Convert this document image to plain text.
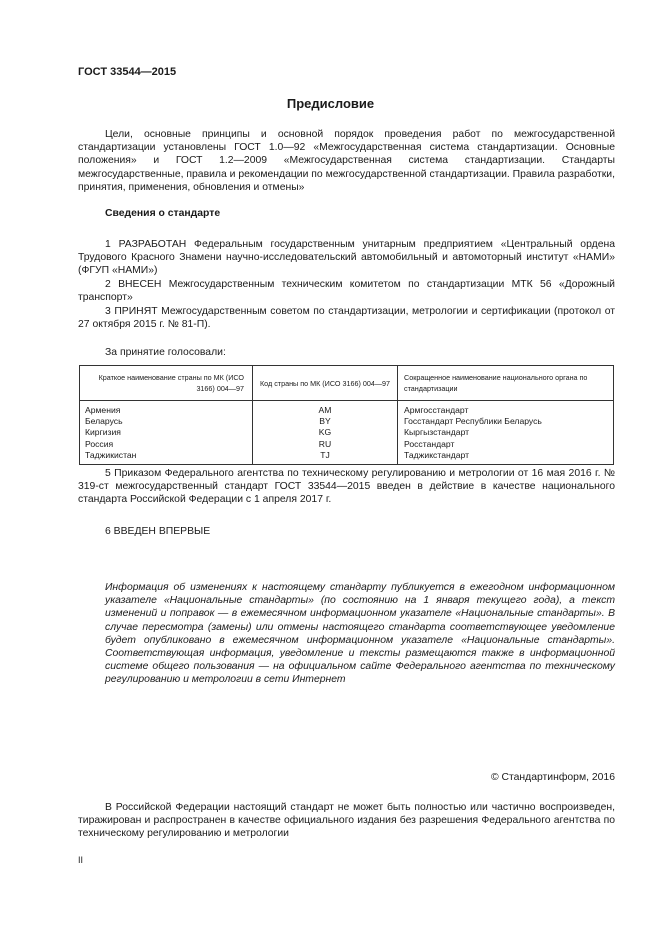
ГОСТ 33544—2015
Предисловие
Цели, основные принципы и основной порядок проведения работ по межгосударственной стандартизации установлены ГОСТ 1.0—92 «Межгосударственная система стандартизации. Основные положения» и ГОСТ 1.2—2009 «Межгосударственная система стандартизации. Стандарты межгосударственные, правила и рекомендации по межгосударственной стандартизации. Правила разработки, принятия, применения, обновления и отмены»
Сведения о стандарте
1 РАЗРАБОТАН Федеральным государственным унитарным предприятием «Центральный ордена Трудового Красного Знамени научно-исследовательский автомобильный и автомоторный институт «НАМИ» (ФГУП «НАМИ»)
2 ВНЕСЕН Межгосударственным техническим комитетом по стандартизации МТК 56 «Дорожный транспорт»
3 ПРИНЯТ Межгосударственным советом по стандартизации, метрологии и сертификации (протокол от 27 октября 2015 г. № 81-П).
За принятие голосовали:
Краткое наименование страны по МК (ИСО 3166) 004—97	Код страны по МК (ИСО 3166) 004—97	Сокращенное наименование национального органа по стандартизации
Армения	AM	Армгосстандарт
Беларусь	BY	Госстандарт Республики Беларусь
Киргизия	KG	Кыргызстандарт
Россия	RU	Росстандарт
Таджикистан	TJ	Таджикстандарт
5 Приказом Федерального агентства по техническому регулированию и метрологии от 16 мая 2016 г. № 319-ст межгосударственный стандарт ГОСТ 33544—2015 введен в действие в качестве национального стандарта Российской Федерации с 1 апреля 2017 г.
6 ВВЕДЕН ВПЕРВЫЕ
Информация об изменениях к настоящему стандарту публикуется в ежегодном информационном указателе «Национальные стандарты» (по состоянию на 1 января текущего года), а текст изменений и поправок — в ежемесячном информационном указателе «Национальные стандарты». В случае пересмотра (замены) или отмены настоящего стандарта соответствующее уведомление будет опубликовано в ежемесячном информационном указателе «Национальные стандарты». Соответствующая информация, уведомление и тексты размещаются также в информационной системе общего пользования — на официальном сайте Федерального агентства по техническому регулированию и метрологии в сети Интернет
© Стандартинформ, 2016
В Российской Федерации настоящий стандарт не может быть полностью или частично воспроизведен, тиражирован и распространен в качестве официального издания без разрешения Федерального агентства по техническому регулированию и метрологии
II
